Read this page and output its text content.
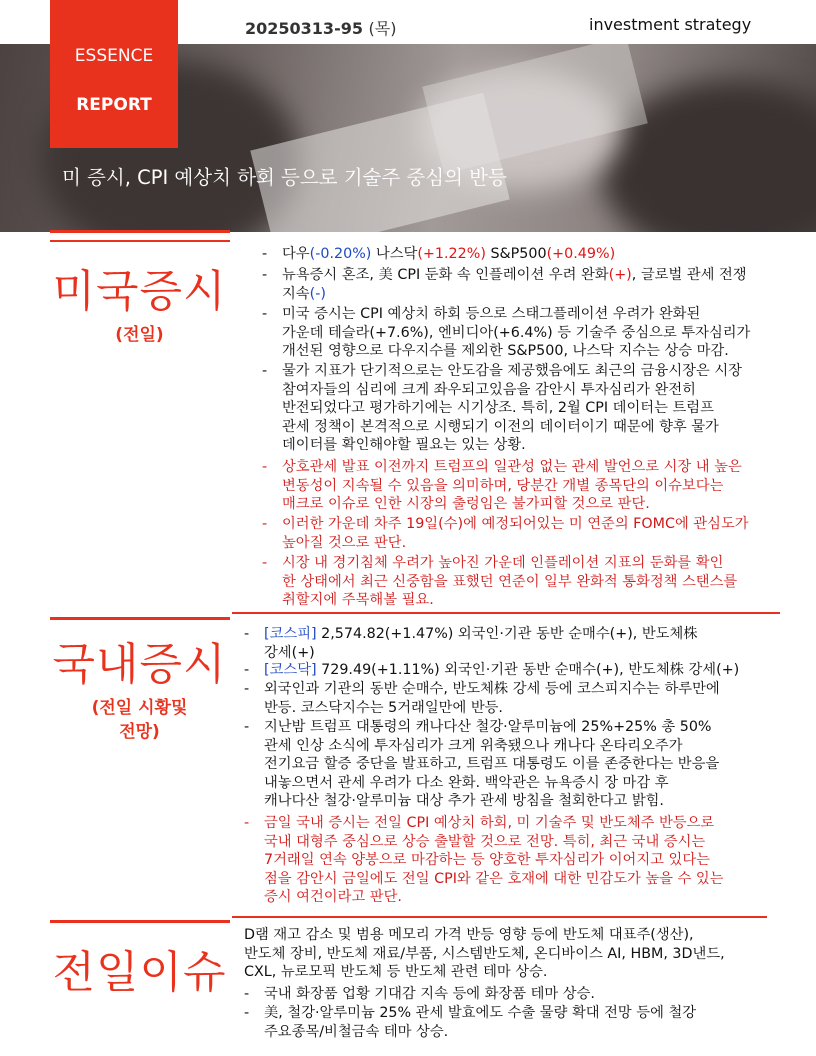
ESSENCE
REPORT
20250313-95 (목)	investment strategy
미 증시, CPI 예상치 하회 등으로 기술주 중심의 반등
미국증시
(전일)
- 다우(-0.20%) 나스닥(+1.22%) S&P500(+0.49%)
- 뉴욕증시 혼조, 美 CPI 둔화 속 인플레이션 우려 완화(+), 글로벌 관세 전쟁
지속(-)
- 미국 증시는 CPI 예상치 하회 등으로 스태그플레이션 우려가 완화된
가운데 테슬라(+7.6%), 엔비디아(+6.4%) 등 기술주 중심으로 투자심리가
개선된 영향으로 다우지수를 제외한 S&P500, 나스닥 지수는 상승 마감.
- 물가 지표가 단기적으로는 안도감을 제공했음에도 최근의 금융시장은 시장
참여자들의 심리에 크게 좌우되고있음을 감안시 투자심리가 완전히
반전되었다고 평가하기에는 시기상조. 특히, 2월 CPI 데이터는 트럼프
관세 정책이 본격적으로 시행되기 이전의 데이터이기 때문에 향후 물가
데이터를 확인해야할 필요는 있는 상황.
- 상호관세 발표 이전까지 트럼프의 일관성 없는 관세 발언으로 시장 내 높은
변동성이 지속될 수 있음을 의미하며, 당분간 개별 종목단의 이슈보다는
매크로 이슈로 인한 시장의 출렁임은 불가피할 것으로 판단.
- 이러한 가운데 차주 19일(수)에 예정되어있는 미 연준의 FOMC에 관심도가
높아질 것으로 판단.
- 시장 내 경기침체 우려가 높아진 가운데 인플레이션 지표의 둔화를 확인
한 상태에서 최근 신중함을 표했던 연준이 일부 완화적 통화정책 스탠스를
취할지에 주목해볼 필요.
국내증시
(전일 시황및
전망)
- [코스피] 2,574.82(+1.47%) 외국인·기관 동반 순매수(+), 반도체株
강세(+)
- [코스닥] 729.49(+1.11%) 외국인·기관 동반 순매수(+), 반도체株 강세(+)
- 외국인과 기관의 동반 순매수, 반도체株 강세 등에 코스피지수는 하루만에
반등. 코스닥지수는 5거래일만에 반등.
- 지난밤 트럼프 대통령의 캐나다산 철강·알루미늄에 25%+25% 총 50%
관세 인상 소식에 투자심리가 크게 위축됐으나 캐나다 온타리오주가
전기요금 할증 중단을 발표하고, 트럼프 대통령도 이를 존중한다는 반응을
내놓으면서 관세 우려가 다소 완화. 백악관은 뉴욕증시 장 마감 후
캐나다산 철강·알루미늄 대상 추가 관세 방침을 철회한다고 밝힘.
- 금일 국내 증시는 전일 CPI 예상치 하회, 미 기술주 및 반도체주 반등으로
국내 대형주 중심으로 상승 출발할 것으로 전망. 특히, 최근 국내 증시는
7거래일 연속 양봉으로 마감하는 등 양호한 투자심리가 이어지고 있다는
점을 감안시 금일에도 전일 CPI와 같은 호재에 대한 민감도가 높을 수 있는
증시 여건이라고 판단.
전일이슈
D램 재고 감소 및 범용 메모리 가격 반등 영향 등에 반도체 대표주(생산),
반도체 장비, 반도체 재료/부품, 시스템반도체, 온디바이스 AI, HBM, 3D낸드,
CXL, 뉴로모픽 반도체 등 반도체 관련 테마 상승.
- 국내 화장품 업황 기대감 지속 등에 화장품 테마 상승.
- 美, 철강·알루미늄 25% 관세 발효에도 수출 물량 확대 전망 등에 철강
주요종목/비철금속 테마 상승.
